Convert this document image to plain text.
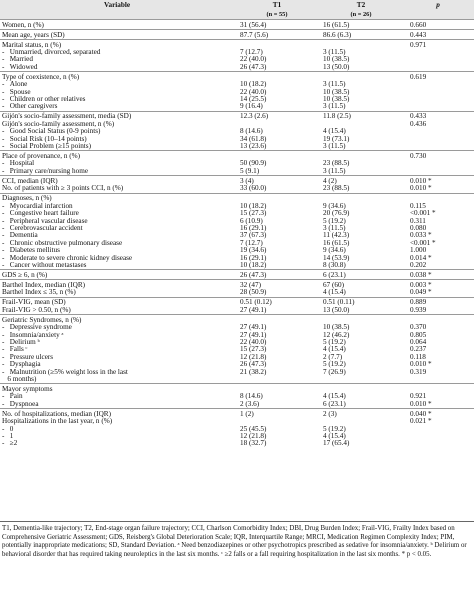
Variable	T1	T2	p
	(n = 55)	(n = 26)	
Women, n (%)	31 (56.4)	16 (61.5)	0.660
Mean age, years (SD)	87.7 (5.6)	86.6 (6.3)	0.443
Marital status, n (%)			0.971
-   Unmarried, divorced, separated	7 (12.7)	3 (11.5)	
-   Married	22 (40.0)	10 (38.5)	
-   Widowed	26 (47.3)	13 (50.0)	
Type of coexistence, n (%)			0.619
-   Alone	10 (18.2)	3 (11.5)	
-   Spouse	22 (40.0)	10 (38.5)	
-   Children or other relatives	14 (25.5)	10 (38.5)	
-   Other caregivers	9 (16.4)	3 (11.5)	
Gijón's socio-family assessment, media (SD)	12.3 (2.6)	11.8 (2.5)	0.433
Gijón's socio-family assessment, n (%)			0.436
-   Good Social Status (0-9 points)	8 (14.6)	4 (15.4)	
-   Social Risk (10–14 points)	34 (61.8)	19 (73.1)	
-   Social Problem (≥15 points)	13 (23.6)	3 (11.5)	
Place of provenance, n (%)			0.730
-   Hospital	50 (90.9)	23 (88.5)	
-   Primary care/nursing home	5 (9.1)	3 (11.5)	
CCI, median (IQR)	3 (4)	4 (2)	0.010 *
No. of patients with ≥ 3 points CCI, n (%)	33 (60.0)	23 (88.5)	0.010 *
Diagnoses, n (%)			
-   Myocardial infarction	10 (18.2)	9 (34.6)	0.115
-   Congestive heart failure	15 (27.3)	20 (76.9)	<0.001 *
-   Peripheral vascular disease	6 (10.9)	5 (19.2)	0.311
-   Cerebrovascular accident	16 (29.1)	3 (11.5)	0.080
-   Dementia	37 (67.3)	11 (42.3)	0.033 *
-   Chronic obstructive pulmonary disease	7 (12.7)	16 (61.5)	<0.001 *
-   Diabetes mellitus	19 (34.6)	9 (34.6)	1.000
-   Moderate to severe chronic kidney disease	16 (29.1)	14 (53.9)	0.014 *
-   Cancer without metastases	10 (18.2)	8 (30.8)	0.202
GDS ≥ 6, n (%)	26 (47.3)	6 (23.1)	0.038 *
Barthel Index, median (IQR)	32 (47)	67 (60)	0.003 *
Barthel Index ≤ 35, n (%)	28 (50.9)	4 (15.4)	0.049 *
Frail-VIG, mean (SD)	0.51 (0.12)	0.51 (0.11)	0.889
Frail-VIG > 0.50, n (%)	27 (49.1)	13 (50.0)	0.939
Geriatric Syndromes, n (%)			
-   Depressive syndrome	27 (49.1)	10 (38.5)	0.370
-   Insomnia/anxiety ᵃ	27 (49.1)	12 (46.2)	0.805
-   Delirium ᵇ	22 (40.0)	5 (19.2)	0.064
-   Falls ᶜ	15 (27.3)	4 (15.4)	0.237
-   Pressure ulcers	12 (21.8)	2 (7.7)	0.118
-   Dysphagia	26 (47.3)	5 (19.2)	0.010 *
-   Malnutrition (≥5% weight loss in the last	21 (38.2)	7 (26.9)	0.319
6 months)			
Mayor symptoms			
-   Pain	8 (14.6)	4 (15.4)	0.921
-   Dyspnoea	2 (3.6)	6 (23.1)	0.010 *
No. of hospitalizations, median (IQR)	1 (2)	2 (3)	0.040 *
Hospitalizations in the last year, n (%)			0.021 *
-   0	25 (45.5)	5 (19.2)	
-   1	12 (21.8)	4 (15.4)	
-   ≥2	18 (32.7)	17 (65.4)	
T1, Dementia-like trajectory; T2, End-stage organ failure trajectory; CCI, Charlson Comorbidity Index; DBI, Drug Burden Index; Frail-VIG, Frailty Index based on Comprehensive Geriatric Assessment; GDS, Reisberg's Global Deterioration Scale; IQR, Interquartile Range; MRCI, Medication Regimen Complexity Index; PIM, potentially inappropriate medications; SD, Standard Deviation. ᵃ Need benzodiazepines or other psychotropics prescribed as sedative for insomnia/anxiety. ᵇ Delirium or behavioral disorder that has required taking neuroleptics in the last six months. ᶜ ≥2 falls or a fall requiring hospitalization in the last six months. * p < 0.05.
